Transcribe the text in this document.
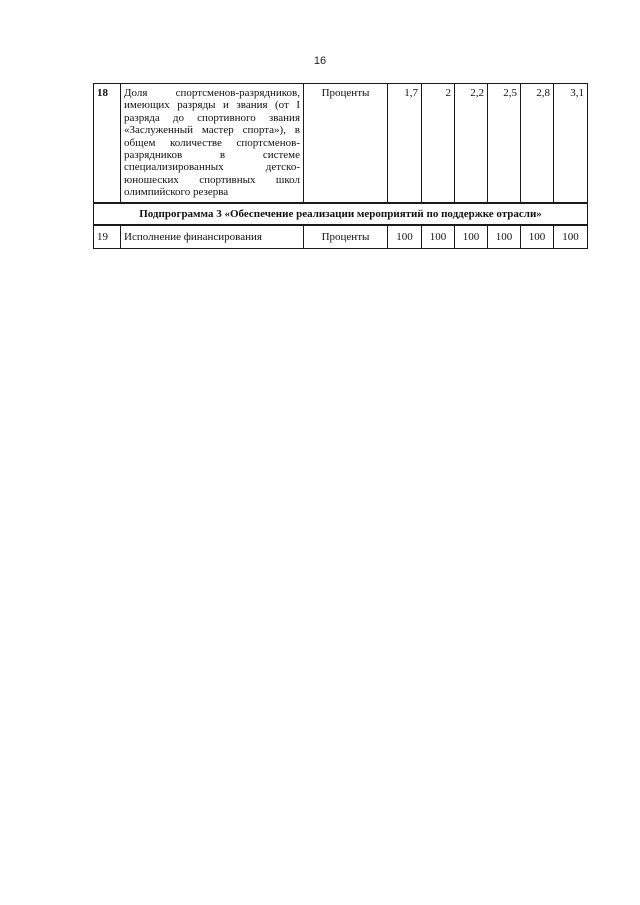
16
18	Доля спортсменов-разрядников, имеющих разряды и звания (от I разряда до спортивного звания «Заслуженный мастер спорта»), в общем количестве спортсменов-разрядников в системе специализированных детско-юношеских спортивных школ олимпийского резерва	Проценты	1,7	2	2,2	2,5	2,8	3,1
Подпрограмма 3 «Обеспечение реализации мероприятий по поддержке отрасли»								
19	Исполнение финансирования	Проценты	100	100	100	100	100	100
